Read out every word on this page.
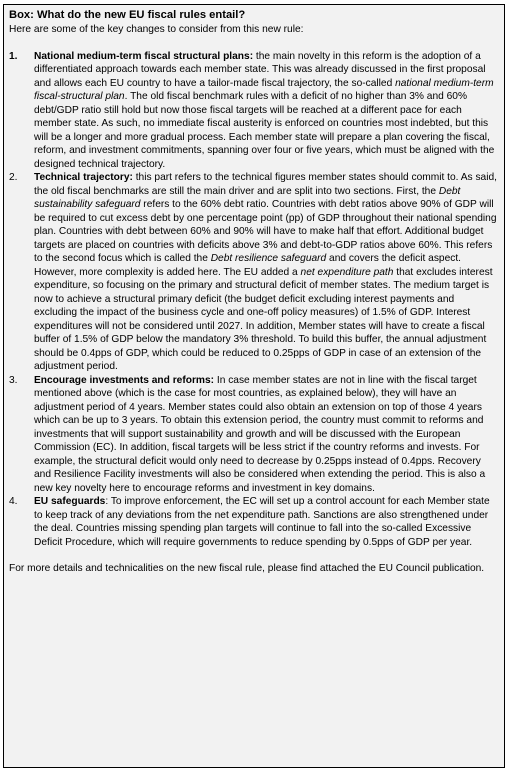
Box: What do the new EU fiscal rules entail?
Here are some of the key changes to consider from this new rule:
1. National medium-term fiscal structural plans: the main novelty in this reform is the adoption of a differentiated approach towards each member state. This was already discussed in the first proposal and allows each EU country to have a tailor-made fiscal trajectory, the so-called national medium-term fiscal-structural plan. The old fiscal benchmark rules with a deficit of no higher than 3% and 60% debt/GDP ratio still hold but now those fiscal targets will be reached at a different pace for each member state. As such, no immediate fiscal austerity is enforced on countries most indebted, but this will be a longer and more gradual process. Each member state will prepare a plan covering the fiscal, reform, and investment commitments, spanning over four or five years, which must be aligned with the designed technical trajectory.
2. Technical trajectory: this part refers to the technical figures member states should commit to. As said, the old fiscal benchmarks are still the main driver and are split into two sections. First, the Debt sustainability safeguard refers to the 60% debt ratio. Countries with debt ratios above 90% of GDP will be required to cut excess debt by one percentage point (pp) of GDP throughout their national spending plan. Countries with debt between 60% and 90% will have to make half that effort. Additional budget targets are placed on countries with deficits above 3% and debt-to-GDP ratios above 60%. This refers to the second focus which is called the Debt resilience safeguard and covers the deficit aspect. However, more complexity is added here. The EU added a net expenditure path that excludes interest expenditure, so focusing on the primary and structural deficit of member states. The medium target is now to achieve a structural primary deficit (the budget deficit excluding interest payments and excluding the impact of the business cycle and one-off policy measures) of 1.5% of GDP. Interest expenditures will not be considered until 2027. In addition, Member states will have to create a fiscal buffer of 1.5% of GDP below the mandatory 3% threshold. To build this buffer, the annual adjustment should be 0.4pps of GDP, which could be reduced to 0.25pps of GDP in case of an extension of the adjustment period.
3. Encourage investments and reforms: In case member states are not in line with the fiscal target mentioned above (which is the case for most countries, as explained below), they will have an adjustment period of 4 years. Member states could also obtain an extension on top of those 4 years which can be up to 3 years. To obtain this extension period, the country must commit to reforms and investments that will support sustainability and growth and will be discussed with the European Commission (EC). In addition, fiscal targets will be less strict if the country reforms and invests. For example, the structural deficit would only need to decrease by 0.25pps instead of 0.4pps. Recovery and Resilience Facility investments will also be considered when extending the period. This is also a new key novelty here to encourage reforms and investment in key domains.
4. EU safeguards: To improve enforcement, the EC will set up a control account for each Member state to keep track of any deviations from the net expenditure path. Sanctions are also strengthened under the deal. Countries missing spending plan targets will continue to fall into the so-called Excessive Deficit Procedure, which will require governments to reduce spending by 0.5pps of GDP per year.
For more details and technicalities on the new fiscal rule, please find attached the EU Council publication.
